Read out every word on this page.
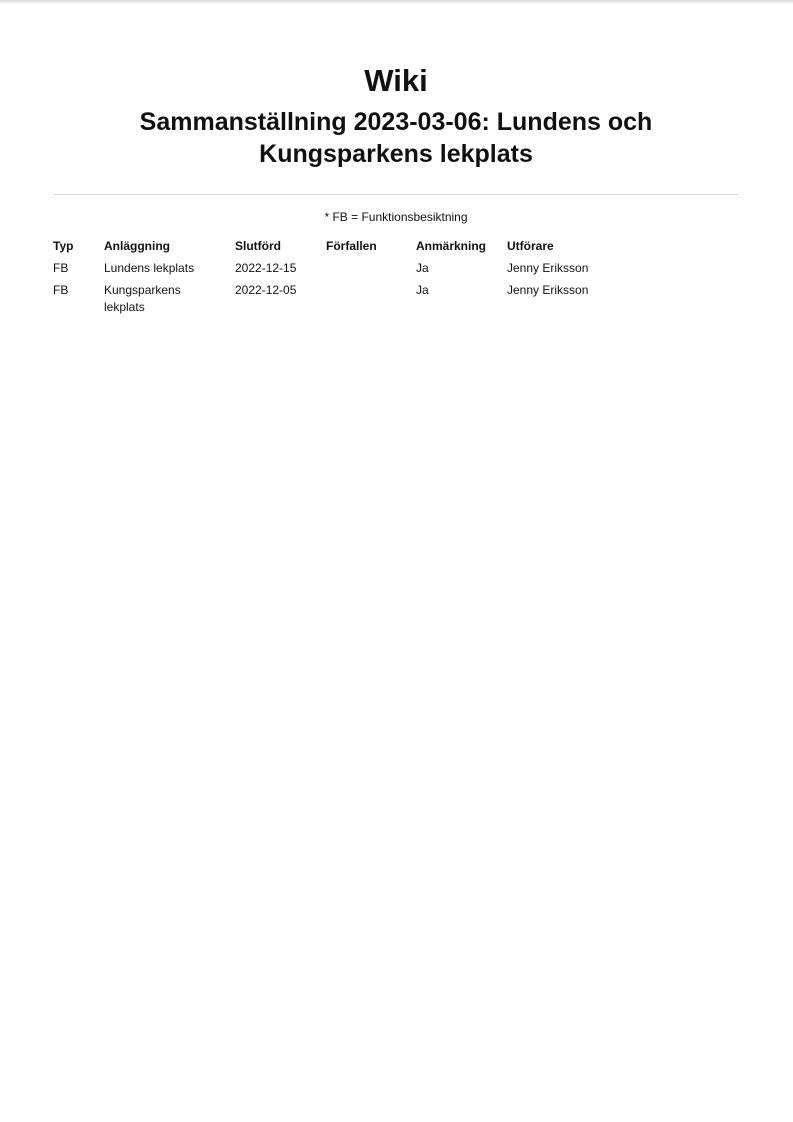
Wiki
Sammanställning 2023-03-06: Lundens och Kungsparkens lekplats
* FB = Funktionsbesiktning
Typ	Anläggning	Slutförd	Förfallen	Anmärkning	Utförare
FB	Lundens lekplats	2022-12-15		Ja	Jenny Eriksson
FB	Kungsparkens lekplats	2022-12-05		Ja	Jenny Eriksson
